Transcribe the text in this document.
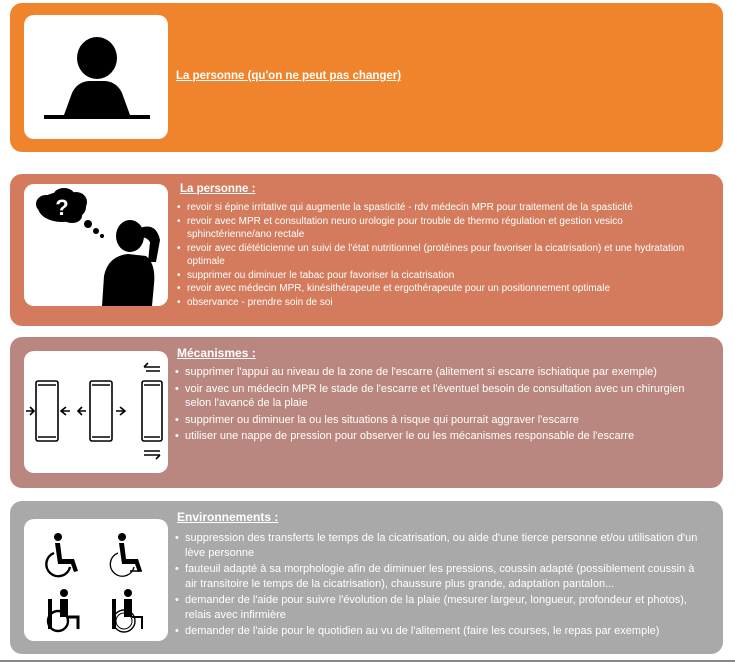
La personne (qu'on ne peut pas changer)
?
La personne :
• revoir si épine irritative qui augmente la spasticité - rdv médecin MPR pour traitement de la spasticité
• revoir avec MPR et consultation neuro urologie pour trouble de thermo régulation et gestion vesico sphinctérienne/ano rectale
• revoir avec diététicienne un suivi de l'état nutritionnel (protéines pour favoriser la cicatrisation) et une hydratation optimale
• supprimer ou diminuer le tabac pour favoriser la cicatrisation
• revoir avec médecin MPR, kinésithérapeute et ergothérapeute pour un positionnement optimale
• observance - prendre soin de soi
Mécanismes :
• supprimer l'appui au niveau de la zone de l'escarre (alitement si escarre ischiatique par exemple)
• voir avec un médecin MPR le stade de l'escarre et l'éventuel besoin de consultation avec un chirurgien selon l'avancé de la plaie
• supprimer ou diminuer la ou les situations à risque qui pourrait aggraver l'escarre
• utiliser une nappe de pression pour observer le ou les mécanismes responsable de l'escarre
Environnements :
• suppression des transferts le temps de la cicatrisation, ou aide d'une tierce personne et/ou utilisation d'un lève personne
• fauteuil adapté à sa morphologie afin de diminuer les pressions, coussin adapté (possiblement coussin à air transitoire le temps de la cicatrisation), chaussure plus grande, adaptation pantalon...
• demander de l'aide pour suivre l'évolution de la plaie (mesurer largeur, longueur, profondeur et photos), relais avec infirmière
• demander de l'aide pour le quotidien au vu de l'alitement (faire les courses, le repas par exemple)
